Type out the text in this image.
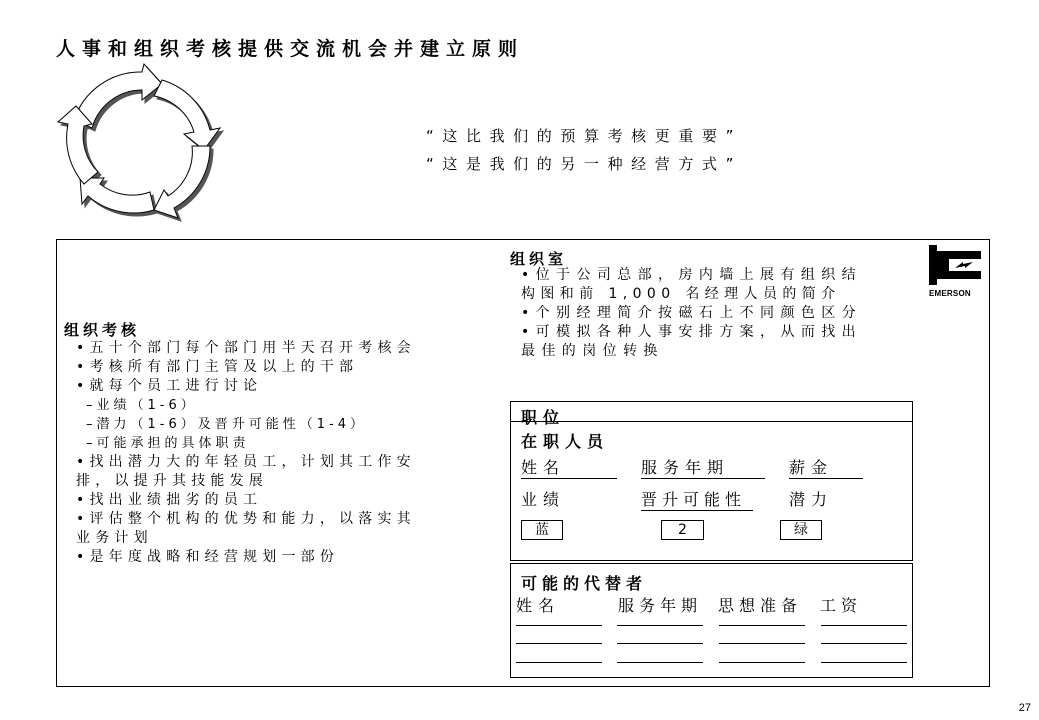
人事和组织考核提供交流机会并建立原则
“这比我们的预算考核更重要”
“这是我们的另一种经营方式”
组织考核
•五十个部门每个部门用半天召开考核会
•考核所有部门主管及以上的干部
•就每个员工进行讨论
–业绩（1-6）
–潜力（1-6）及晋升可能性（1-4）
–可能承担的具体职责
•找出潜力大的年轻员工，计划其工作安
排，以提升其技能发展
•找出业绩拙劣的员工
•评估整个机构的优势和能力，以落实其
业务计划
•是年度战略和经营规划一部份
组织室
•位于公司总部，房内墙上展有组织结
构图和前 1,000 名经理人员的简介
•个别经理简介按磁石上不同颜色区分
•可模拟各种人事安排方案，从而找出
最佳的岗位转换
EMERSON
职位
在职人员
姓名	服务年期	薪金
业绩	晋升可能性	潜力
蓝	2	绿
可能的代替者
姓名	服务年期 思想准备 工资
27
